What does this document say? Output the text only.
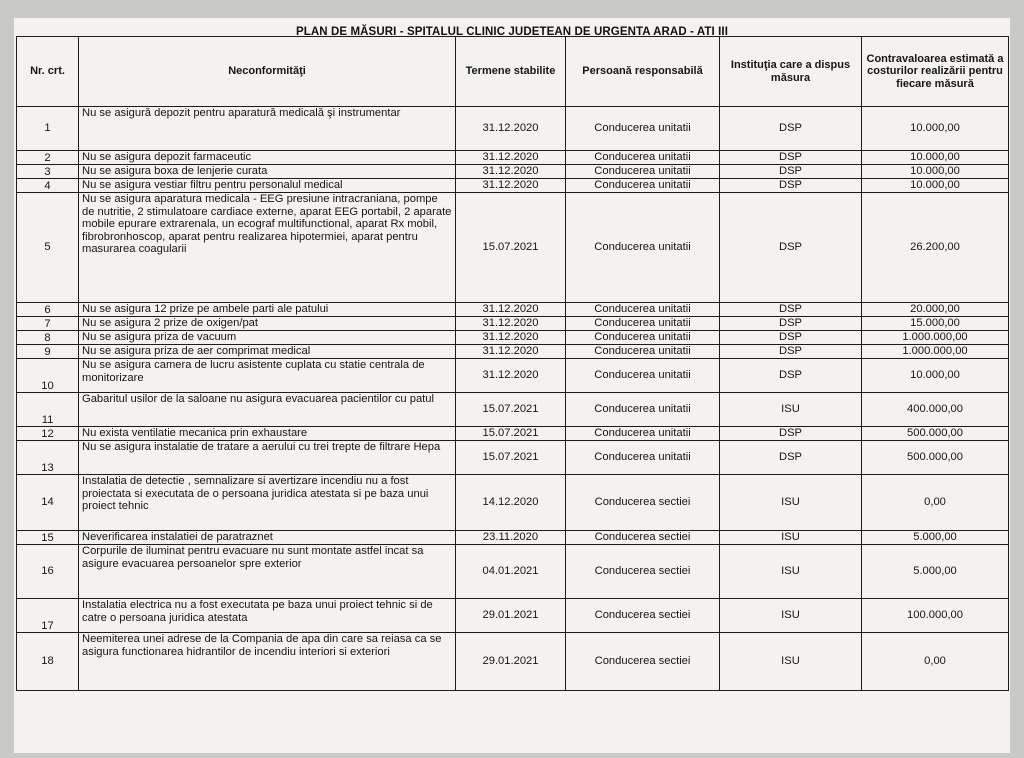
PLAN DE MĂSURI - SPITALUL CLINIC JUDETEAN DE URGENTA ARAD - ATI III
Nr. crt.	Neconformităţi	Termene stabilite	Persoană responsabilă	Instituţia care a dispus măsura	Contravaloarea estimată a costurilor realizării pentru fiecare măsură
1	Nu se asigură depozit pentru aparatură medicală şi instrumentar	31.12.2020	Conducerea unitatii	DSP	10.000,00
2	Nu se asigura depozit farmaceutic	31.12.2020	Conducerea unitatii	DSP	10.000,00
3	Nu se asigura boxa de lenjerie curata	31.12.2020	Conducerea unitatii	DSP	10.000,00
4	Nu se asigura vestiar filtru pentru personalul medical	31.12.2020	Conducerea unitatii	DSP	10.000,00
5	Nu se asigura aparatura medicala - EEG presiune intracraniana, pompe de nutritie, 2 stimulatoare cardiace externe, aparat EEG portabil, 2 aparate mobile epurare extrarenala, un ecograf multifunctional, aparat Rx mobil, fibrobronhoscop, aparat pentru realizarea hipotermiei, aparat pentru masurarea coagularii	15.07.2021	Conducerea unitatii	DSP	26.200,00
6	Nu se asigura 12 prize pe ambele parti ale patului	31.12.2020	Conducerea unitatii	DSP	20.000,00
7	Nu se asigura 2 prize de oxigen/pat	31.12.2020	Conducerea unitatii	DSP	15.000,00
8	Nu se asigura priza de vacuum	31.12.2020	Conducerea unitatii	DSP	1.000.000,00
9	Nu se asigura priza de aer comprimat medical	31.12.2020	Conducerea unitatii	DSP	1.000.000,00
10	Nu se asigura camera de lucru asistente cuplata cu statie centrala de monitorizare	31.12.2020	Conducerea unitatii	DSP	10.000,00
11	Gabaritul usilor de la saloane nu asigura evacuarea pacientilor cu patul	15.07.2021	Conducerea unitatii	ISU	400.000,00
12	Nu exista ventilatie mecanica prin exhaustare	15.07.2021	Conducerea unitatii	DSP	500.000,00
13	Nu se asigura instalatie de tratare a aerului cu trei trepte de filtrare Hepa	15.07.2021	Conducerea unitatii	DSP	500.000,00
14	Instalatia de detectie , semnalizare si avertizare incendiu nu a fost proiectata si executata de o persoana juridica atestata si pe baza unui proiect tehnic	14.12.2020	Conducerea sectiei	ISU	0,00
15	Neverificarea instalatiei de paratraznet	23.11.2020	Conducerea sectiei	ISU	5.000,00
16	Corpurile de iluminat pentru evacuare nu sunt montate astfel incat sa asigure evacuarea persoanelor spre exterior	04.01.2021	Conducerea sectiei	ISU	5.000,00
17	Instalatia electrica nu a fost executata pe baza unui proiect tehnic si de catre o persoana juridica atestata	29.01.2021	Conducerea sectiei	ISU	100.000,00
18	Neemiterea unei adrese de la Compania de apa din care sa reiasa ca se asigura functionarea hidrantilor de incendiu interiori si exteriori	29.01.2021	Conducerea sectiei	ISU	0,00
